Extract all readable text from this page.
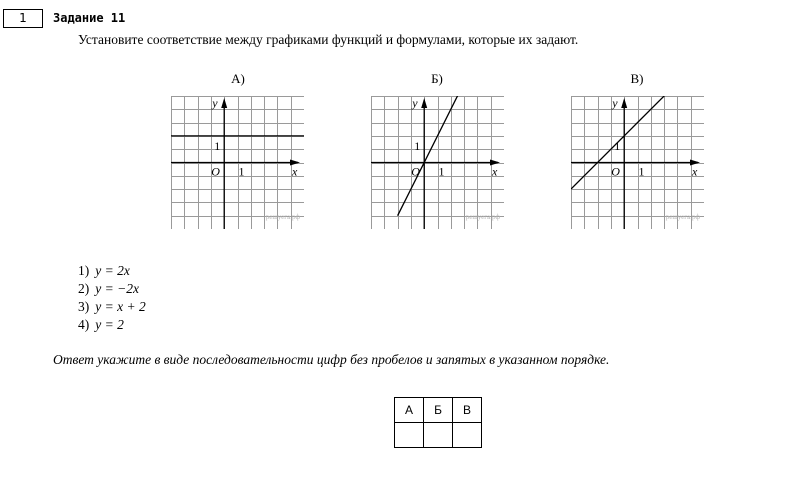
1	Задание 11
Установите соответствие между графиками функций и формулами, которые их задают.
А)	Б)	В)
решуега.рф
y
x
O 1
1
решуега.рф
y
x
O 1
1
решуега.рф
y
x
O 1
1
1) y = 2x
2) y = −2x
3) y = x + 2
4) y = 2
Ответ укажите в виде последовательности цифр без пробелов и запятых в указанном порядке.
А	Б	В
